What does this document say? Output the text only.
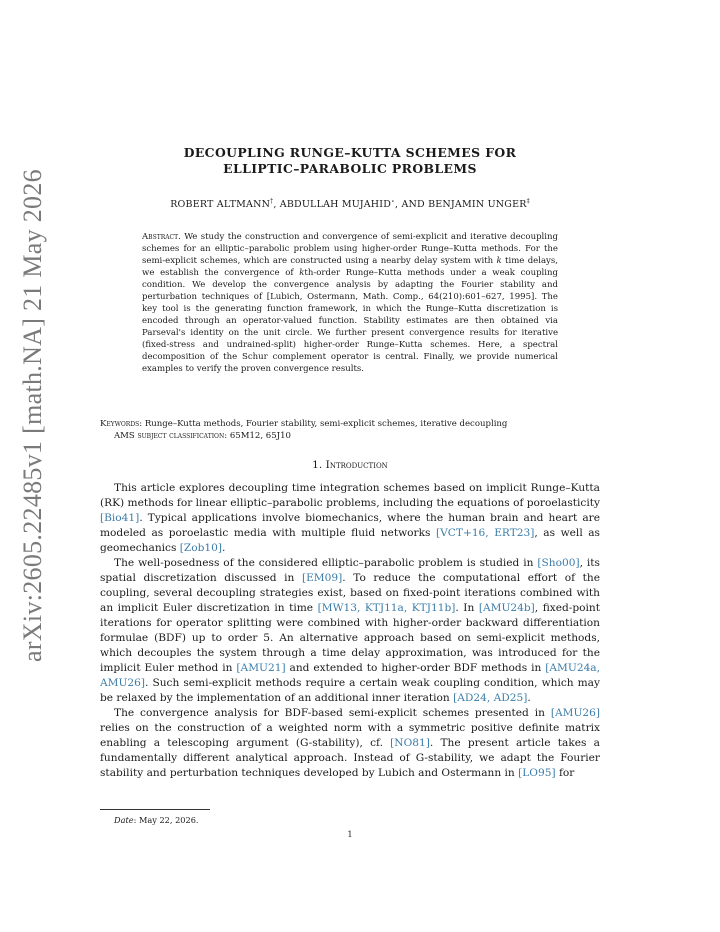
arXiv:2605.22485v1 [math.NA] 21 May 2026
DECOUPLING RUNGE–KUTTA SCHEMES FOR
ELLIPTIC–PARABOLIC PROBLEMS
ROBERT ALTMANN†, ABDULLAH MUJAHID⋆, AND BENJAMIN UNGER‡
Abstract. We study the construction and convergence of semi-explicit and iterative decoupling schemes for an elliptic–parabolic problem using higher-order Runge–Kutta methods. For the semi-explicit schemes, which are constructed using a nearby delay system with k time delays, we establish the convergence of kth-order Runge–Kutta methods under a weak coupling condition. We develop the convergence analysis by adapting the Fourier stability and perturbation techniques of [Lubich, Ostermann, Math. Comp., 64(210):601–627, 1995]. The key tool is the generating function framework, in which the Runge–Kutta discretization is encoded through an operator-valued function. Stability estimates are then obtained via Parseval's identity on the unit circle. We further present convergence results for iterative (fixed-stress and undrained-split) higher-order Runge–Kutta schemes. Here, a spectral decomposition of the Schur complement operator is central. Finally, we provide numerical examples to verify the proven convergence results.
Keywords: Runge–Kutta methods, Fourier stability, semi-explicit schemes, iterative decoupling
AMS subject classification: 65M12, 65J10
1. Introduction

This article explores decoupling time integration schemes based on implicit Runge–Kutta (RK) methods for linear elliptic–parabolic problems, including the equations of poroelasticity [Bio41]. Typical applications involve biomechanics, where the human brain and heart are modeled as poroelastic media with multiple fluid networks [VCT+16, ERT23], as well as geomechanics [Zob10].

The well-posedness of the considered elliptic–parabolic problem is studied in [Sho00], its spatial discretization discussed in [EM09]. To reduce the computational effort of the coupling, several decoupling strategies exist, based on fixed-point iterations combined with an implicit Euler discretization in time [MW13, KTJ11a, KTJ11b]. In [AMU24b], fixed-point iterations for operator splitting were combined with higher-order backward differentiation formulae (BDF) up to order 5. An alternative approach based on semi-explicit methods, which decouples the system through a time delay approximation, was introduced for the implicit Euler method in [AMU21] and extended to higher-order BDF methods in [AMU24a, AMU26]. Such semi-explicit methods require a certain weak coupling condition, which may be relaxed by the implementation of an additional inner iteration [AD24, AD25].

The convergence analysis for BDF-based semi-explicit schemes presented in [AMU26] relies on the construction of a weighted norm with a symmetric positive definite matrix enabling a telescoping argument (G-stability), cf. [NO81]. The present article takes a fundamentally different analytical approach. Instead of G-stability, we adapt the Fourier stability and perturbation techniques developed by Lubich and Ostermann in [LO95] for

Date: May 22, 2026.
1
